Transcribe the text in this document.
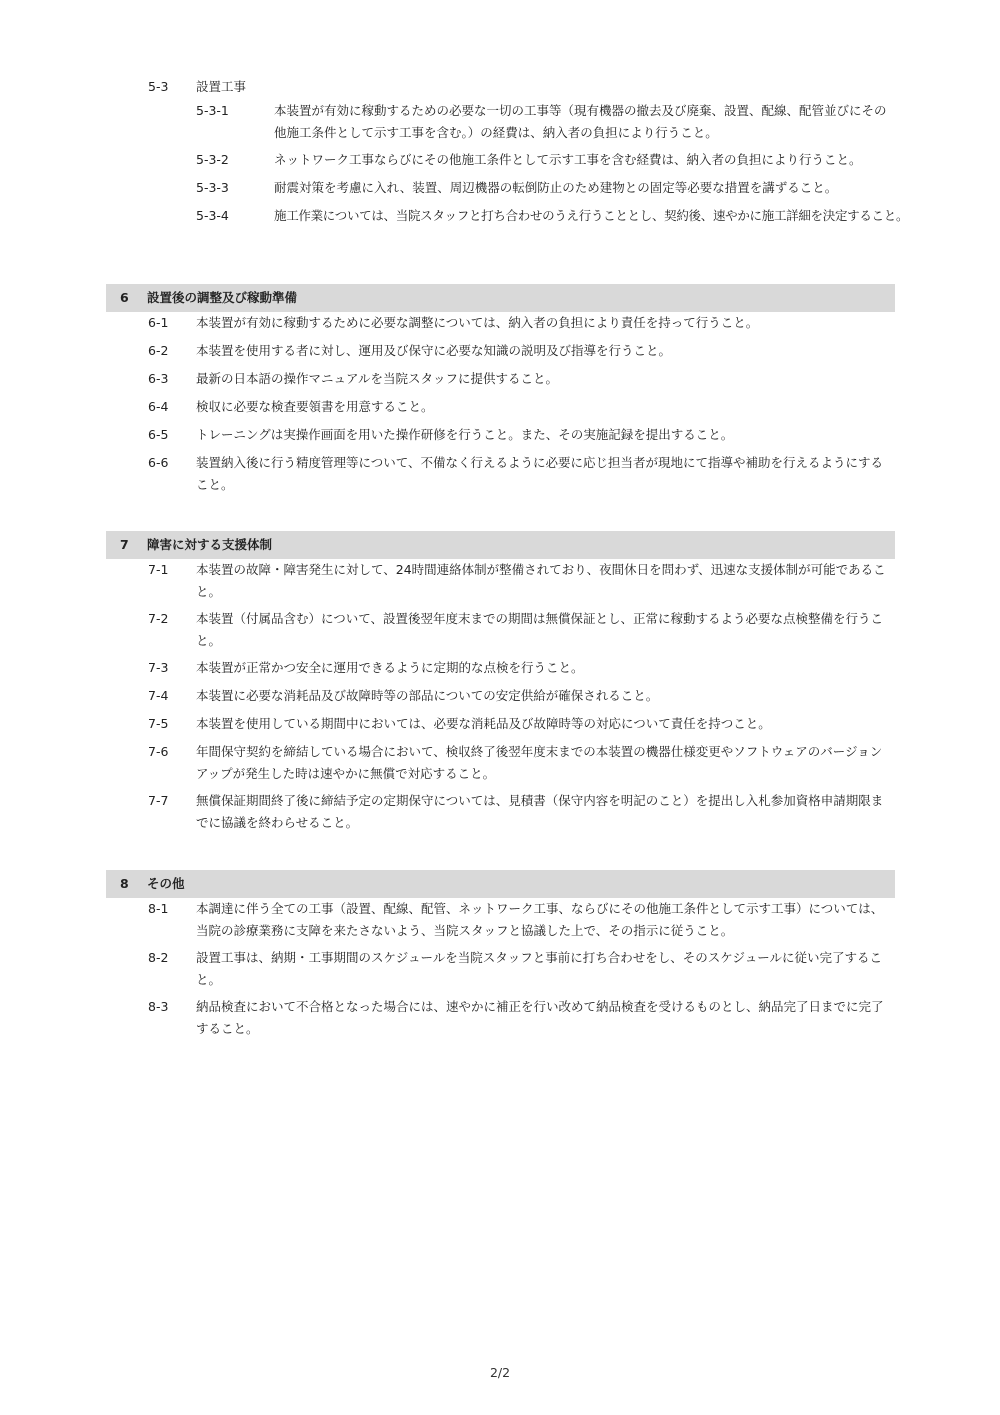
5-3 設置工事
5-3-1	本装置が有効に稼動するための必要な一切の工事等（現有機器の撤去及び廃棄、設置、配線、配管並びにその他施工条件として示す工事を含む。）の経費は、納入者の負担により行うこと。
5-3-2	ネットワーク工事ならびにその他施工条件として示す工事を含む経費は、納入者の負担により行うこと。
5-3-3	耐震対策を考慮に入れ、装置、周辺機器の転倒防止のため建物との固定等必要な措置を講ずること。
5-3-4	施工作業については、当院スタッフと打ち合わせのうえ行うこととし、契約後、速やかに施工詳細を決定すること。
6 設置後の調整及び稼動準備
6-1 本装置が有効に稼動するために必要な調整については、納入者の負担により責任を持って行うこと。
6-2 本装置を使用する者に対し、運用及び保守に必要な知識の説明及び指導を行うこと。
6-3 最新の日本語の操作マニュアルを当院スタッフに提供すること。
6-4 検収に必要な検査要領書を用意すること。
6-5 トレーニングは実操作画面を用いた操作研修を行うこと。また、その実施記録を提出すること。
6-6 装置納入後に行う精度管理等について、不備なく行えるように必要に応じ担当者が現地にて指導や補助を行えるようにすること。
7 障害に対する支援体制
7-1 本装置の故障・障害発生に対して、24時間連絡体制が整備されており、夜間休日を問わず、迅速な支援体制が可能であること。
7-2 本装置（付属品含む）について、設置後翌年度末までの期間は無償保証とし、正常に稼動するよう必要な点検整備を行うこと。
7-3 本装置が正常かつ安全に運用できるように定期的な点検を行うこと。
7-4 本装置に必要な消耗品及び故障時等の部品についての安定供給が確保されること。
7-5 本装置を使用している期間中においては、必要な消耗品及び故障時等の対応について責任を持つこと。
7-6 年間保守契約を締結している場合において、検収終了後翌年度末までの本装置の機器仕様変更やソフトウェアのバージョンアップが発生した時は速やかに無償で対応すること。
7-7 無償保証期間終了後に締結予定の定期保守については、見積書（保守内容を明記のこと）を提出し入札参加資格申請期限までに協議を終わらせること。
8 その他
8-1 本調達に伴う全ての工事（設置、配線、配管、ネットワーク工事、ならびにその他施工条件として示す工事）については、当院の診療業務に支障を来たさないよう、当院スタッフと協議した上で、その指示に従うこと。
8-2 設置工事は、納期・工事期間のスケジュールを当院スタッフと事前に打ち合わせをし、そのスケジュールに従い完了すること。
8-3 納品検査において不合格となった場合には、速やかに補正を行い改めて納品検査を受けるものとし、納品完了日までに完了すること。
2/2
